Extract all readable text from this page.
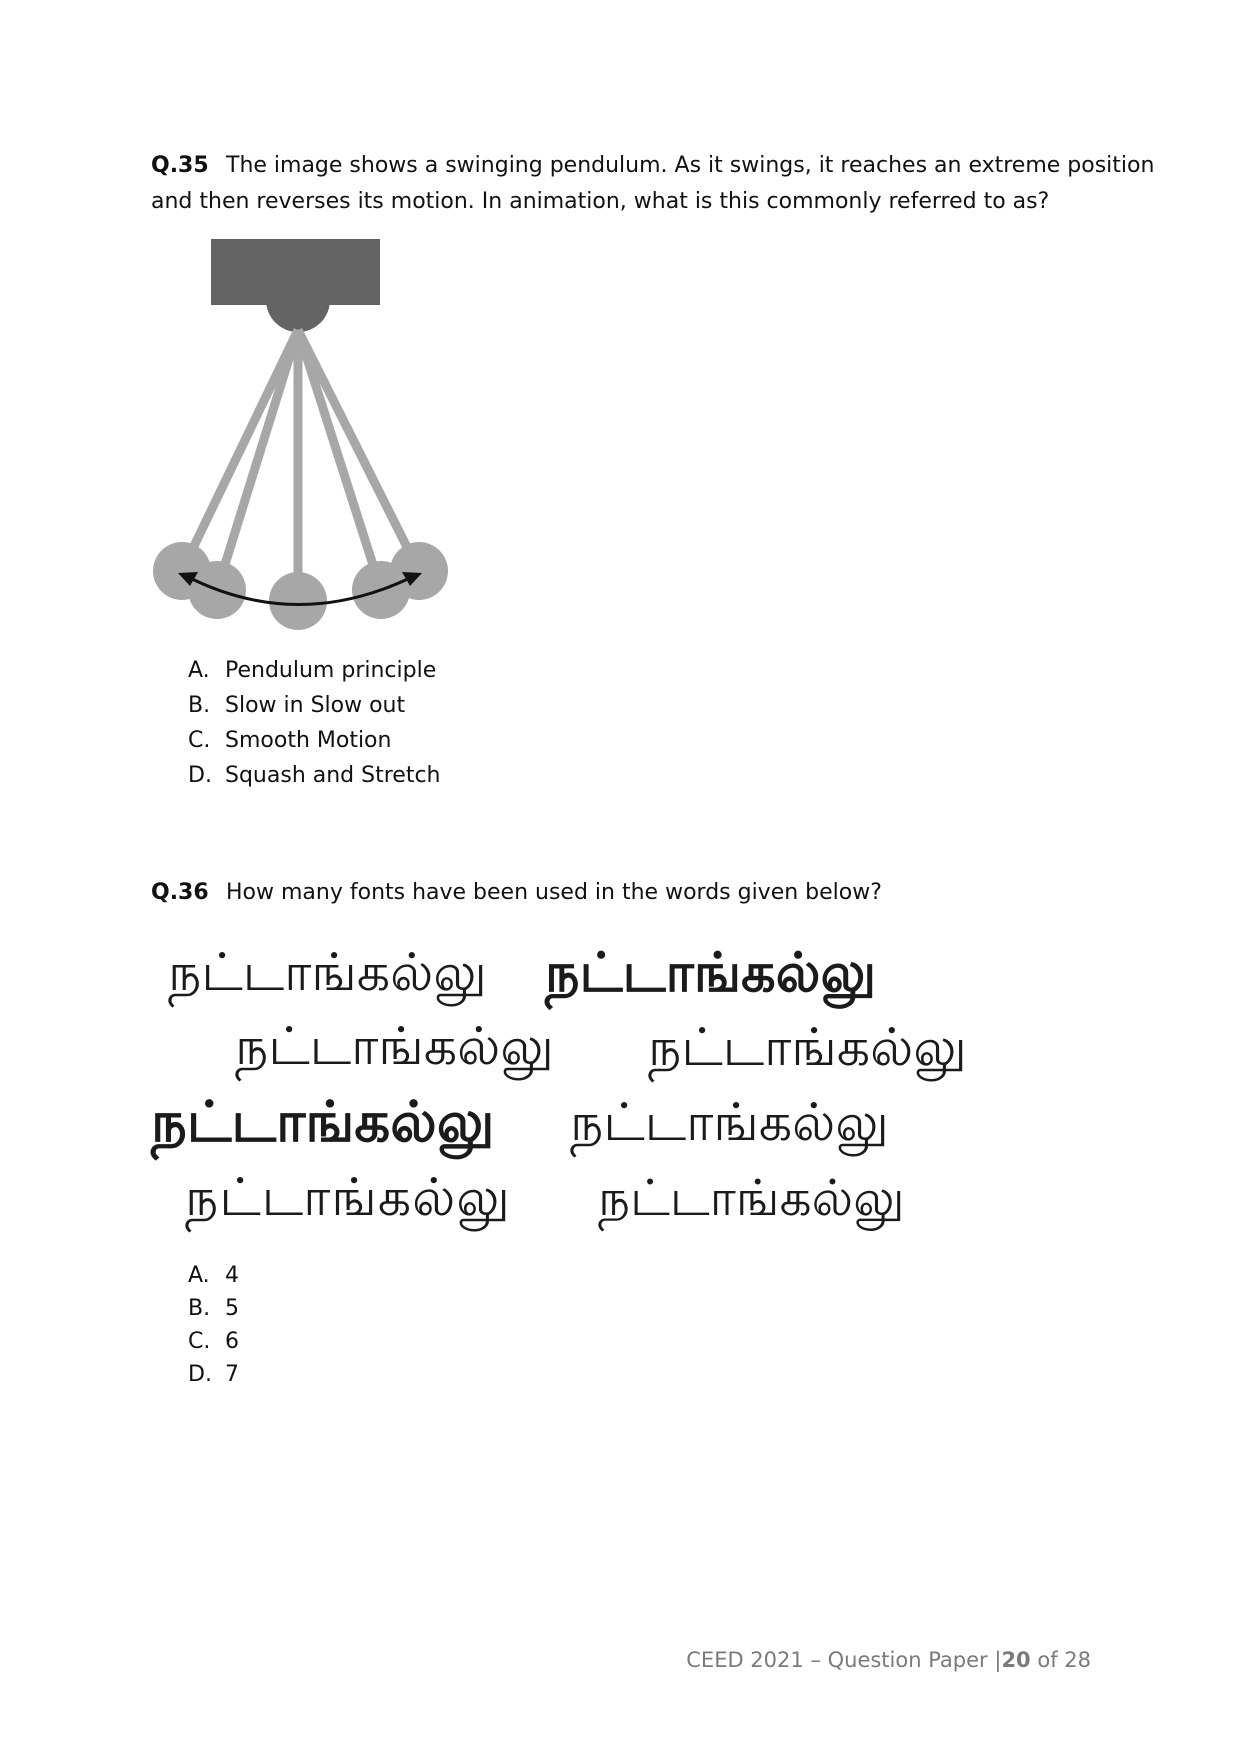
Q.35 The image shows a swinging pendulum. As it swings, it reaches an extreme position
and then reverses its motion. In animation, what is this commonly referred to as?
A. Pendulum principle
B. Slow in Slow out
C. Smooth Motion
D. Squash and Stretch
Q.36 How many fonts have been used in the words given below?
நட்டாங்கல்லு நட்டாங்கல்லு
நட்டாங்கல்லு நட்டாங்கல்லு
நட்டாங்கல்லு நட்டாங்கல்லு
நட்டாங்கல்லு நட்டாங்கல்லு
A. 4
B. 5
C. 6
D. 7
CEED 2021 – Question Paper |20 of 28
